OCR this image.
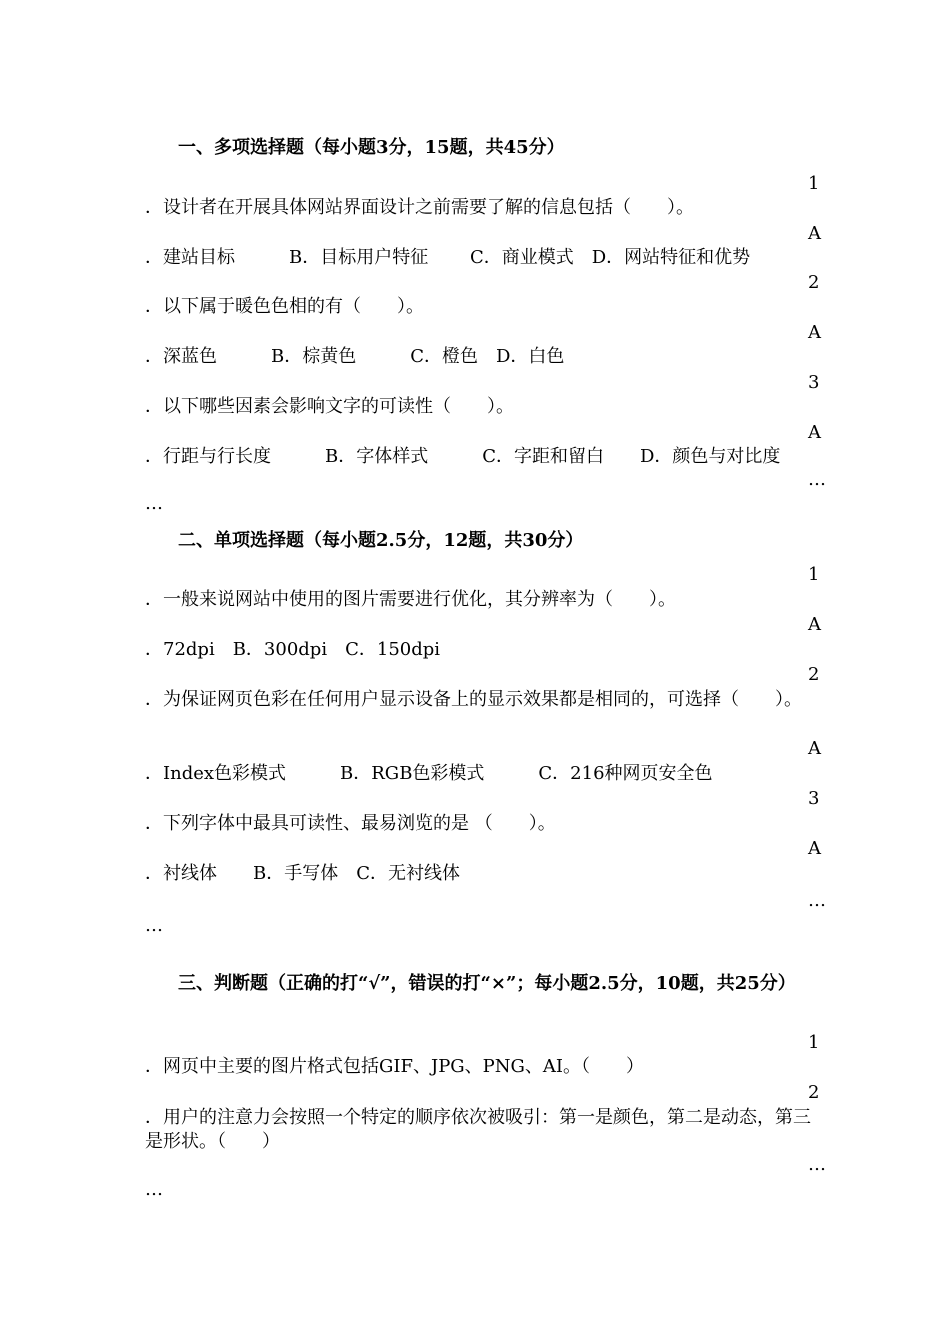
一、多项选择题（每小题3分，15题，共45分）
1
．设计者在开展具体网站界面设计之前需要了解的信息包括（　　）。
A
．建站目标　　　B．目标用户特征　　 C．商业模式　D．网站特征和优势
2
．以下属于暖色色相的有（　　）。
A
．深蓝色　　　B．棕黄色　　　C．橙色　D．白色
3
．以下哪些因素会影响文字的可读性（　　）。
A
．行距与行长度　　　B．字体样式　　　C．字距和留白　　D．颜色与对比度
…
…
二、单项选择题（每小题2.5分，12题，共30分）
1
．一般来说网站中使用的图片需要进行优化，其分辨率为（　　）。
A
．72dpi　B．300dpi　C．150dpi
2
．为保证网页色彩在任何用户显示设备上的显示效果都是相同的，可选择（　　）。
A
．Index色彩模式　　　B．RGB色彩模式　　　C．216种网页安全色
3
．下列字体中最具可读性、最易浏览的是 （　　）。
A
．衬线体　　B．手写体　C．无衬线体
…
…
三、判断题（正确的打“√”，错误的打“×”；每小题2.5分，10题，共25分）
1
．网页中主要的图片格式包括GIF、JPG、PNG、AI。（　　）
2
．用户的注意力会按照一个特定的顺序依次被吸引：第一是颜色，第二是动态，第三是形状。（　　）
…
…
